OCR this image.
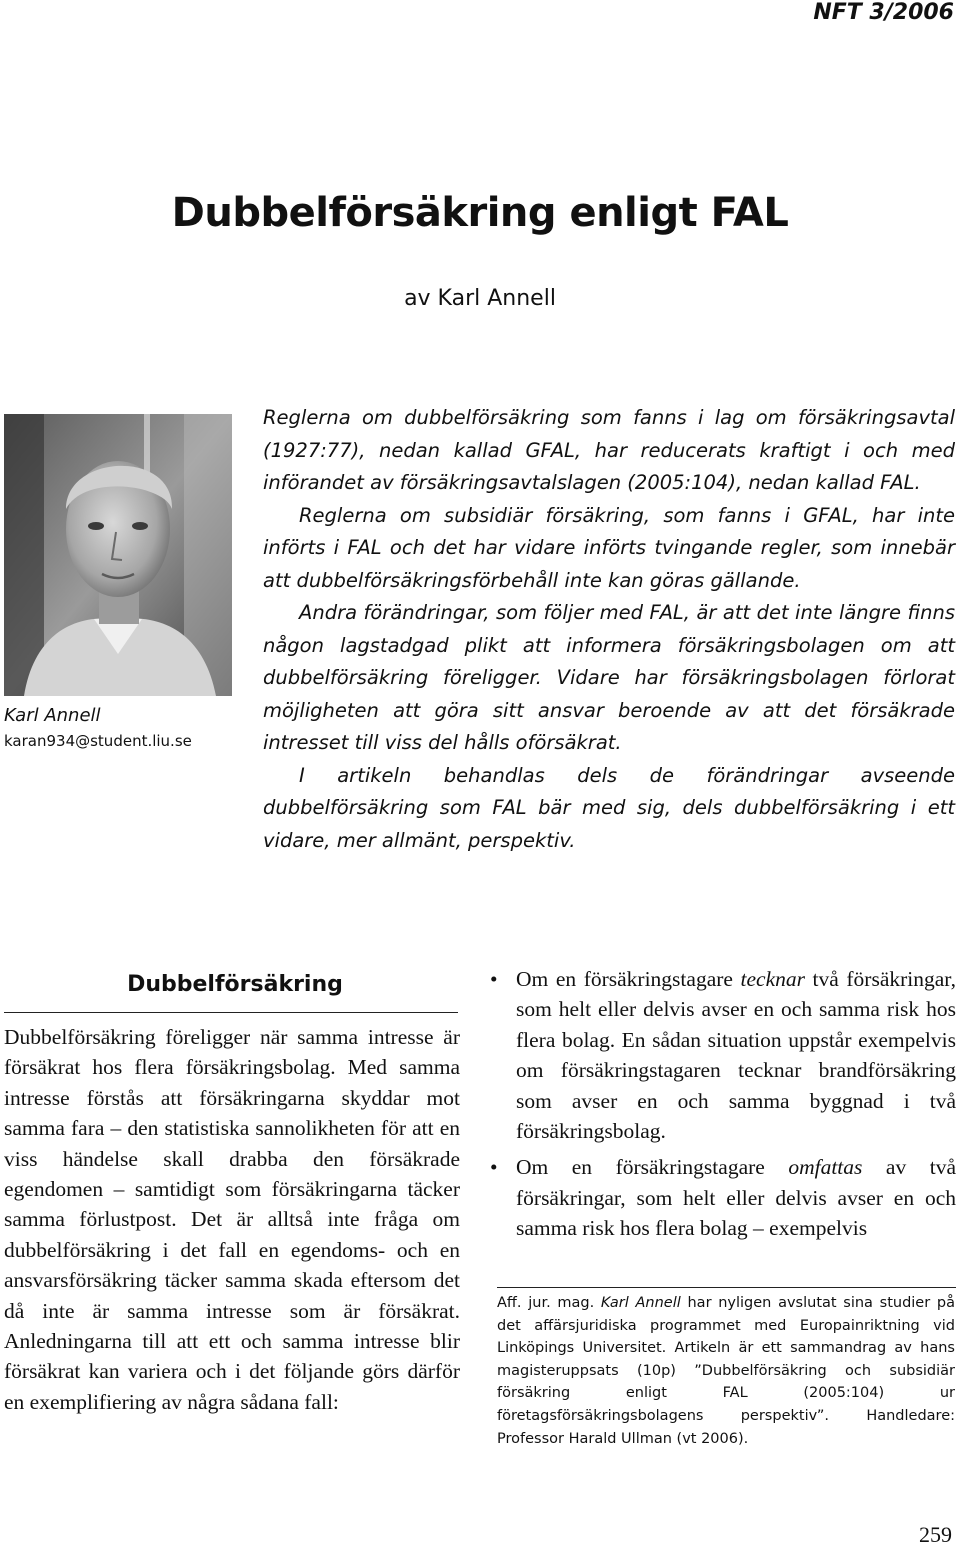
NFT 3/2006
Dubbelförsäkring enligt FAL
av Karl Annell
Karl Annell
karan934@student.liu.se

Reglerna om dubbelförsäkring som fanns i lag om försäkringsavtal (1927:77), nedan kallad GFAL, har reducerats kraftigt i och med införandet av försäkringsavtalslagen (2005:104), nedan kallad FAL.

Reglerna om subsidiär försäkring, som fanns i GFAL, har inte införts i FAL och det har vidare införts tvingande regler, som innebär att dubbelförsäkringsförbehåll inte kan göras gällande.

Andra förändringar, som följer med FAL, är att det inte längre finns någon lagstadgad plikt att informera försäkringsbolagen om att dubbelförsäkring föreligger. Vidare har försäkringsbolagen förlorat möjligheten att göra sitt ansvar beroende av att det försäkrade intresset till viss del hålls oförsäkrat.

I artikeln behandlas dels de förändringar avseende dubbelförsäkring som FAL bär med sig, dels dubbelförsäkring i ett vidare, mer allmänt, perspektiv.

Dubbelförsäkring

Dubbelförsäkring föreligger när samma intresse är försäkrat hos flera försäkringsbolag. Med samma intresse förstås att försäkringarna skyddar mot samma fara – den statistiska sannolikheten för att en viss händelse skall drabba den försäkrade egendomen – samtidigt som försäkringarna täcker samma förlustpost. Det är alltså inte fråga om dubbelförsäkring i det fall en egendoms- och en ansvarsförsäkring täcker samma skada eftersom det då inte är samma intresse som är försäkrat. Anledningarna till att ett och samma intresse blir försäkrat kan variera och i det följande görs därför en exemplifiering av några sådana fall:

• Om en försäkringstagare tecknar två försäkringar, som helt eller delvis avser en och samma risk hos flera bolag. En sådan situation uppstår exempelvis om försäkringstagaren tecknar brandförsäkring som avser en och samma byggnad i två försäkringsbolag.
• Om en försäkringstagare omfattas av två försäkringar, som helt eller delvis avser en och samma risk hos flera bolag – exempelvis

Aff. jur. mag. Karl Annell har nyligen avslutat sina studier på det affärsjuridiska programmet med Europainriktning vid Linköpings Universitet. Artikeln är ett sammandrag av hans magisteruppsats (10p) ”Dubbelförsäkring och subsidiär försäkring enligt FAL (2005:104) ur företagsförsäkringsbolagens perspektiv”. Handledare: Professor Harald Ullman (vt 2006).

259
